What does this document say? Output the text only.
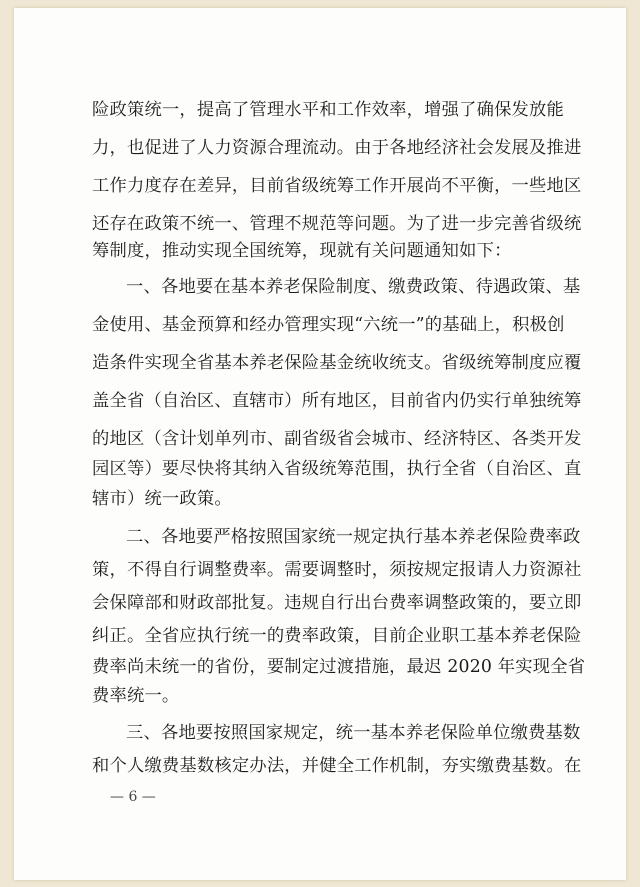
险政策统一，提高了管理水平和工作效率，增强了确保发放能
力，也促进了人力资源合理流动。由于各地经济社会发展及推进
工作力度存在差异，目前省级统筹工作开展尚不平衡，一些地区
还存在政策不统一、管理不规范等问题。为了进一步完善省级统
筹制度，推动实现全国统筹，现就有关问题通知如下：
一、各地要在基本养老保险制度、缴费政策、待遇政策、基
金使用、基金预算和经办管理实现“六统一”的基础上，积极创
造条件实现全省基本养老保险基金统收统支。省级统筹制度应覆
盖全省（自治区、直辖市）所有地区，目前省内仍实行单独统筹
的地区（含计划单列市、副省级省会城市、经济特区、各类开发
园区等）要尽快将其纳入省级统筹范围，执行全省（自治区、直
辖市）统一政策。
二、各地要严格按照国家统一规定执行基本养老保险费率政
策，不得自行调整费率。需要调整时，须按规定报请人力资源社
会保障部和财政部批复。违规自行出台费率调整政策的，要立即
纠正。全省应执行统一的费率政策，目前企业职工基本养老保险
费率尚未统一的省份，要制定过渡措施，最迟 2020 年实现全省
费率统一。
三、各地要按照国家规定，统一基本养老保险单位缴费基数
和个人缴费基数核定办法，并健全工作机制，夯实缴费基数。在
— 6 —
